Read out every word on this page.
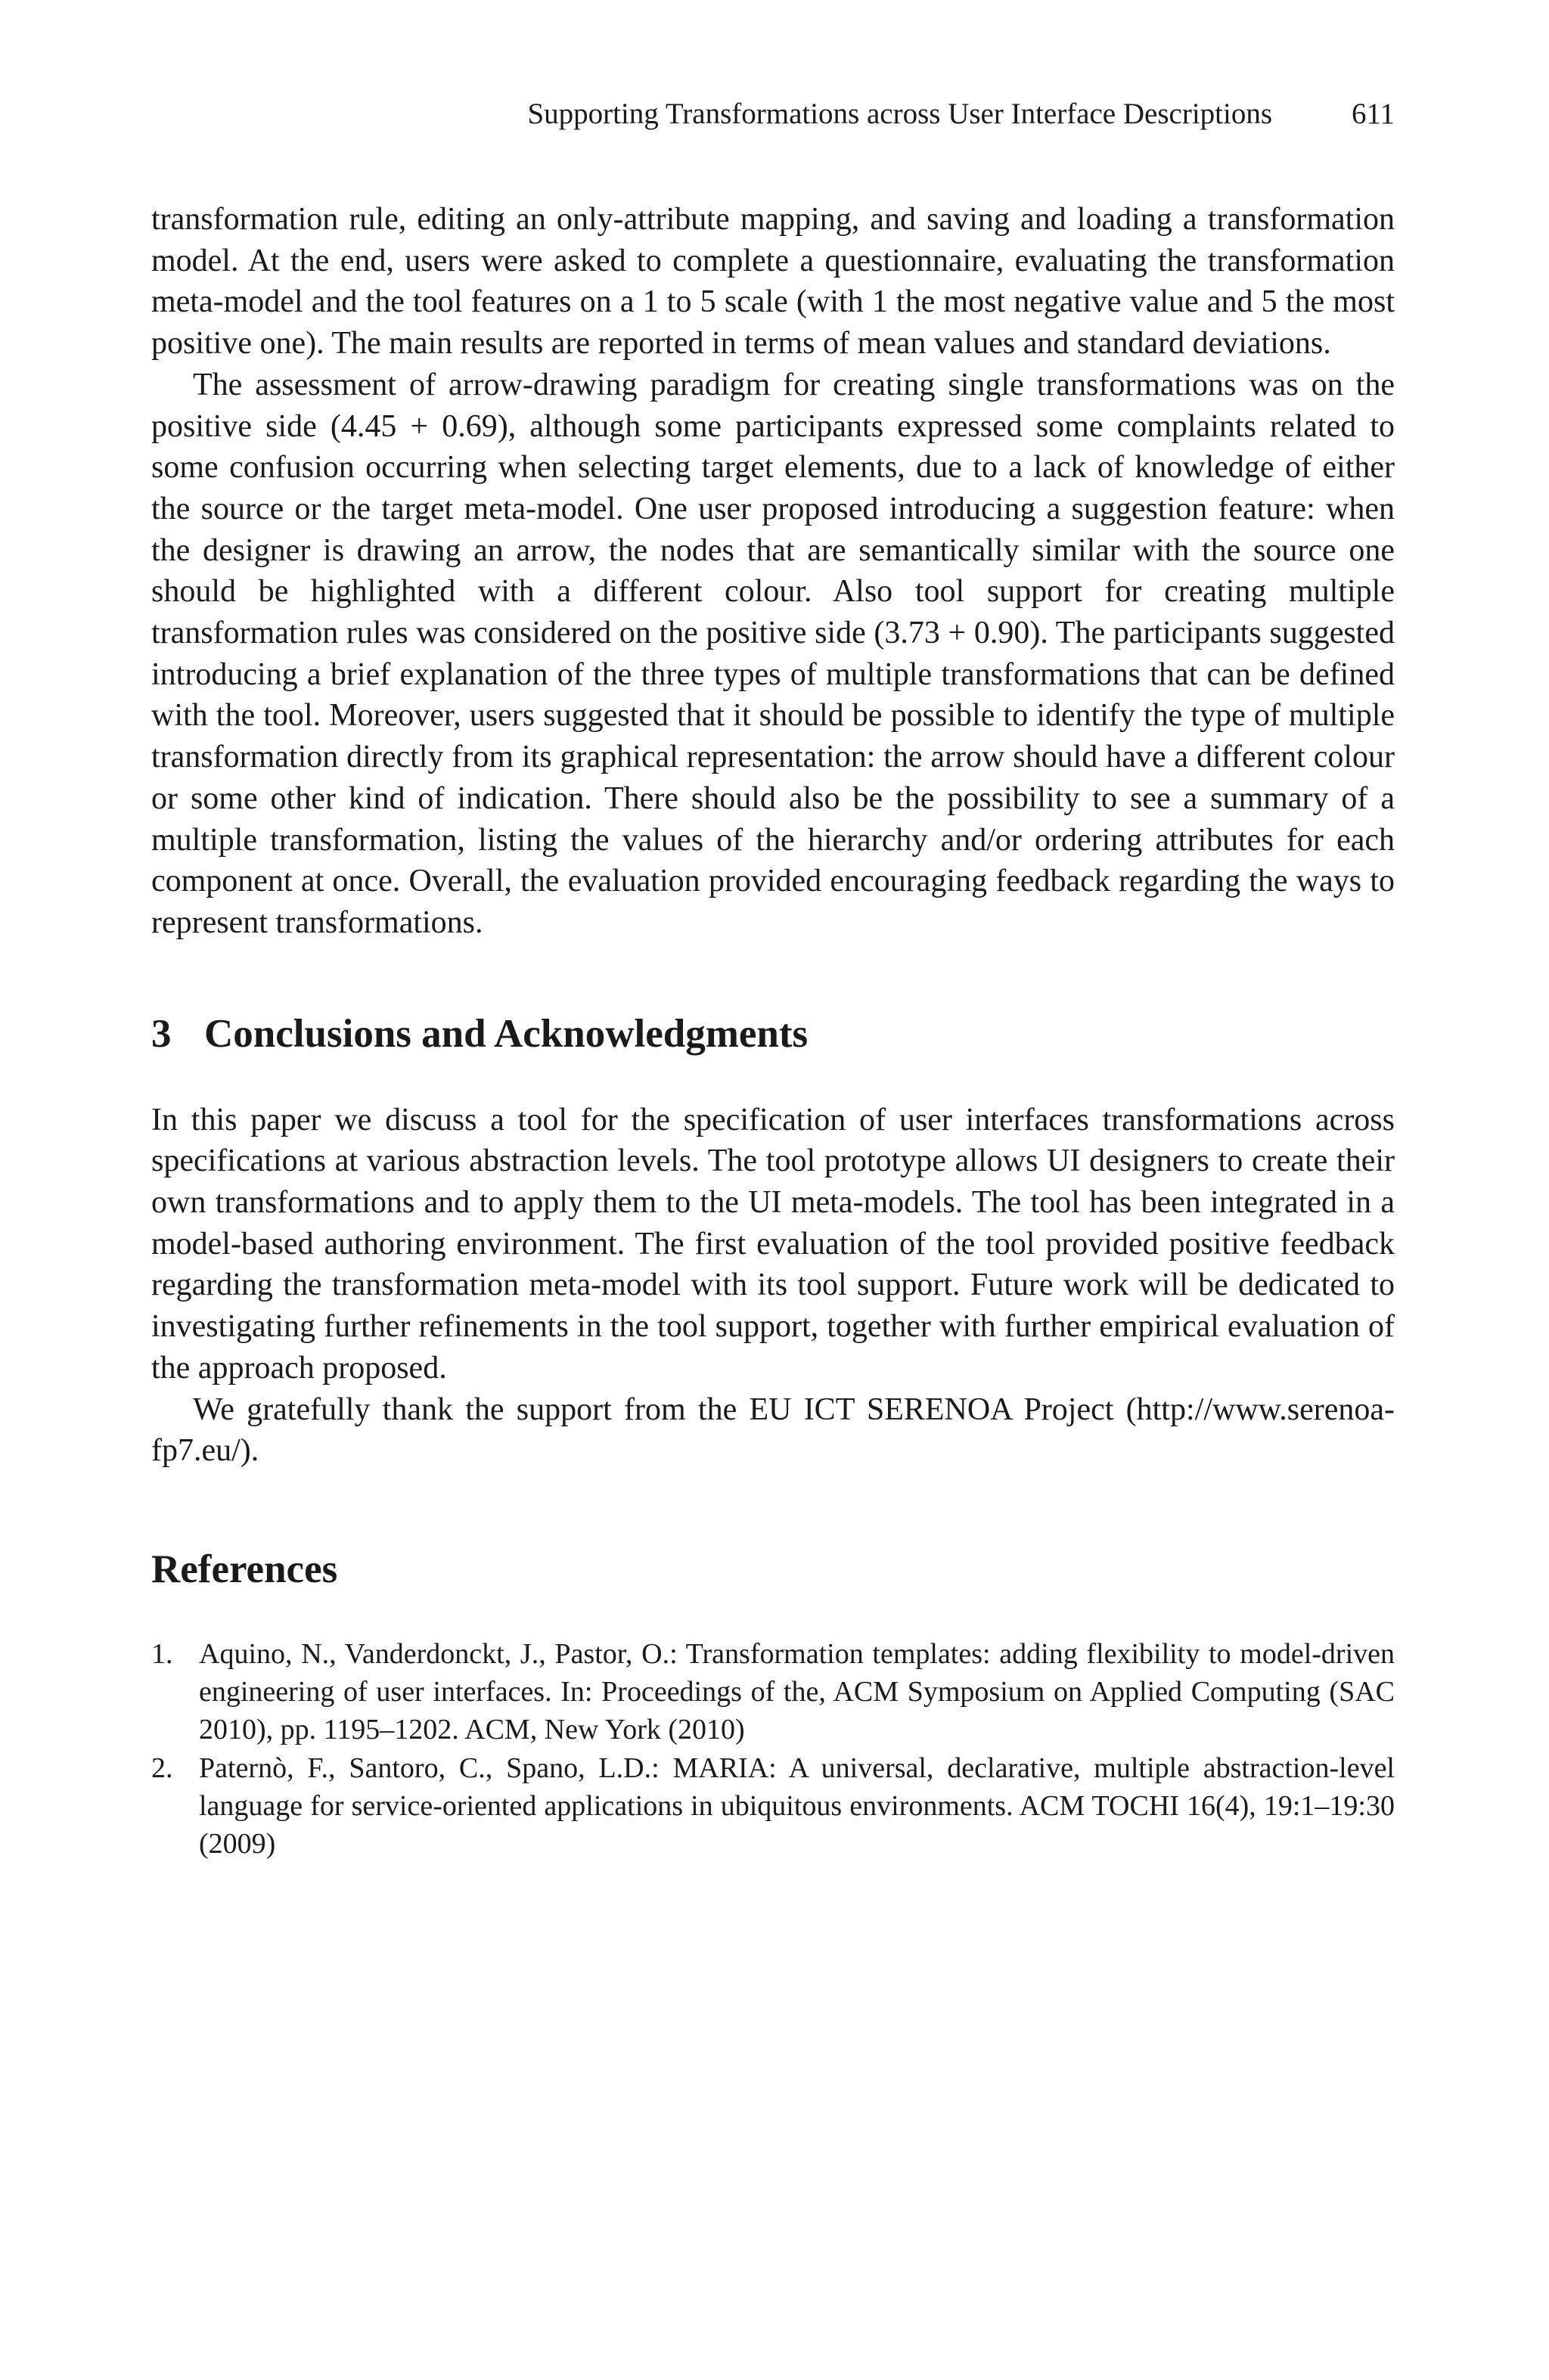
Supporting Transformations across User Interface Descriptions	611

transformation rule, editing an only-attribute mapping, and saving and loading a transformation model. At the end, users were asked to complete a questionnaire, evaluating the transformation meta-model and the tool features on a 1 to 5 scale (with 1 the most negative value and 5 the most positive one). The main results are reported in terms of mean values and standard deviations.

The assessment of arrow-drawing paradigm for creating single transformations was on the positive side (4.45 + 0.69), although some participants expressed some complaints related to some confusion occurring when selecting target elements, due to a lack of knowledge of either the source or the target meta-model. One user proposed introducing a suggestion feature: when the designer is drawing an arrow, the nodes that are semantically similar with the source one should be highlighted with a different colour. Also tool support for creating multiple transformation rules was considered on the positive side (3.73 + 0.90). The participants suggested introducing a brief explanation of the three types of multiple transformations that can be defined with the tool. Moreover, users suggested that it should be possible to identify the type of multiple transformation directly from its graphical representation: the arrow should have a different colour or some other kind of indication. There should also be the possibility to see a summary of a multiple transformation, listing the values of the hierarchy and/or ordering attributes for each component at once. Overall, the evaluation provided encouraging feedback regarding the ways to represent transformations.

3 Conclusions and Acknowledgments

In this paper we discuss a tool for the specification of user interfaces transformations across specifications at various abstraction levels. The tool prototype allows UI designers to create their own transformations and to apply them to the UI meta-models. The tool has been integrated in a model-based authoring environment. The first evaluation of the tool provided positive feedback regarding the transformation meta-model with its tool support. Future work will be dedicated to investigating further refinements in the tool support, together with further empirical evaluation of the approach proposed.

We gratefully thank the support from the EU ICT SERENOA Project (http://www.serenoa-fp7.eu/).

References
1. Aquino, N., Vanderdonckt, J., Pastor, O.: Transformation templates: adding flexibility to model-driven engineering of user interfaces. In: Proceedings of the, ACM Symposium on Applied Computing (SAC 2010), pp. 1195–1202. ACM, New York (2010)
2. Paternò, F., Santoro, C., Spano, L.D.: MARIA: A universal, declarative, multiple abstraction-level language for service-oriented applications in ubiquitous environments. ACM TOCHI 16(4), 19:1–19:30 (2009)
